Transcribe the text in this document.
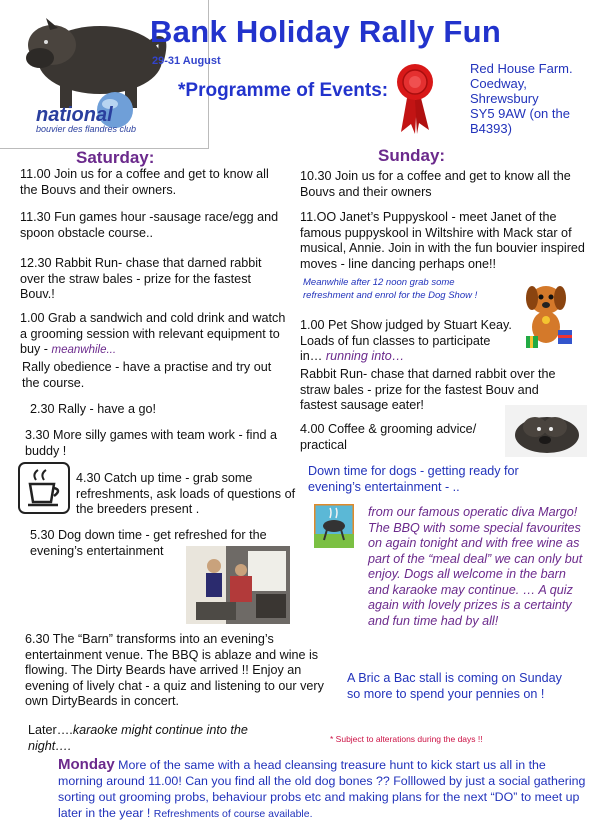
national
bouvier des flandres club
Bank Holiday Rally Fun
29-31 August
*Programme of Events:
Red House Farm.
Coedway,
Shrewsbury
SY5 9AW (on the
B4393)
Saturday:
11.00 Join us for a coffee and get to know all the Bouvs and their owners.
11.30 Fun games hour -sausage race/egg and spoon obstacle course..
12.30 Rabbit Run- chase that darned rabbit over the straw bales - prize for the fastest Bouv.!
1.00 Grab a sandwich and cold drink and watch a grooming session with relevant equipment to buy - meanwhile...
Rally obedience - have a practise and try out the course.
2.30 Rally - have a go!
3.30 More silly games with team work - find a buddy !
4.30 Catch up time - grab some refreshments, ask loads of questions of the breeders present .
5.30 Dog down time - get refreshed for the evening’s entertainment
6.30 The “Barn” transforms into an evening’s entertainment venue. The BBQ is ablaze and wine is flowing. The Dirty Beards have arrived !! Enjoy an evening of lively chat - a quiz and listening to our very own DirtyBeards in concert.
Later….karaoke might continue into the night….
Sunday:
10.30 Join us for a coffee and get to know all the Bouvs and their owners
11.OO Janet’s Puppyskool - meet Janet of the famous puppyskool in Wiltshire with Mack star of musical, Annie. Join in with the fun bouvier inspired moves - line dancing perhaps one!!
Meanwhile after 12 noon grab some refreshment and enrol for the Dog Show !
1.00 Pet Show judged by Stuart Keay. Loads of fun classes to participate in… running into…
Rabbit Run- chase that darned rabbit over the straw bales - prize for the fastest Bouv and fastest sausage eater!
4.00 Coffee & grooming advice/ practical
Down time for dogs - getting ready for evening’s entertainment - ..
from our famous operatic diva Margo! The BBQ with some special favourites on again tonight and with free wine as part of the “meal deal” we can only but enjoy. Dogs all welcome in the barn and karaoke may continue. … A quiz again with lovely prizes is a certainty and fun time had by all!
A Bric a Bac stall is coming on Sunday so more to spend your pennies on !
* Subject to alterations during the days !!
Monday More of the same with a head cleansing treasure hunt to kick start us all in the morning around 11.00! Can you find all the old dog bones ?? Folllowed by just a social gathering sorting out grooming probs, behaviour probs etc and making plans for the next “DO” to meet up later in the year ! Refreshments of course available.
